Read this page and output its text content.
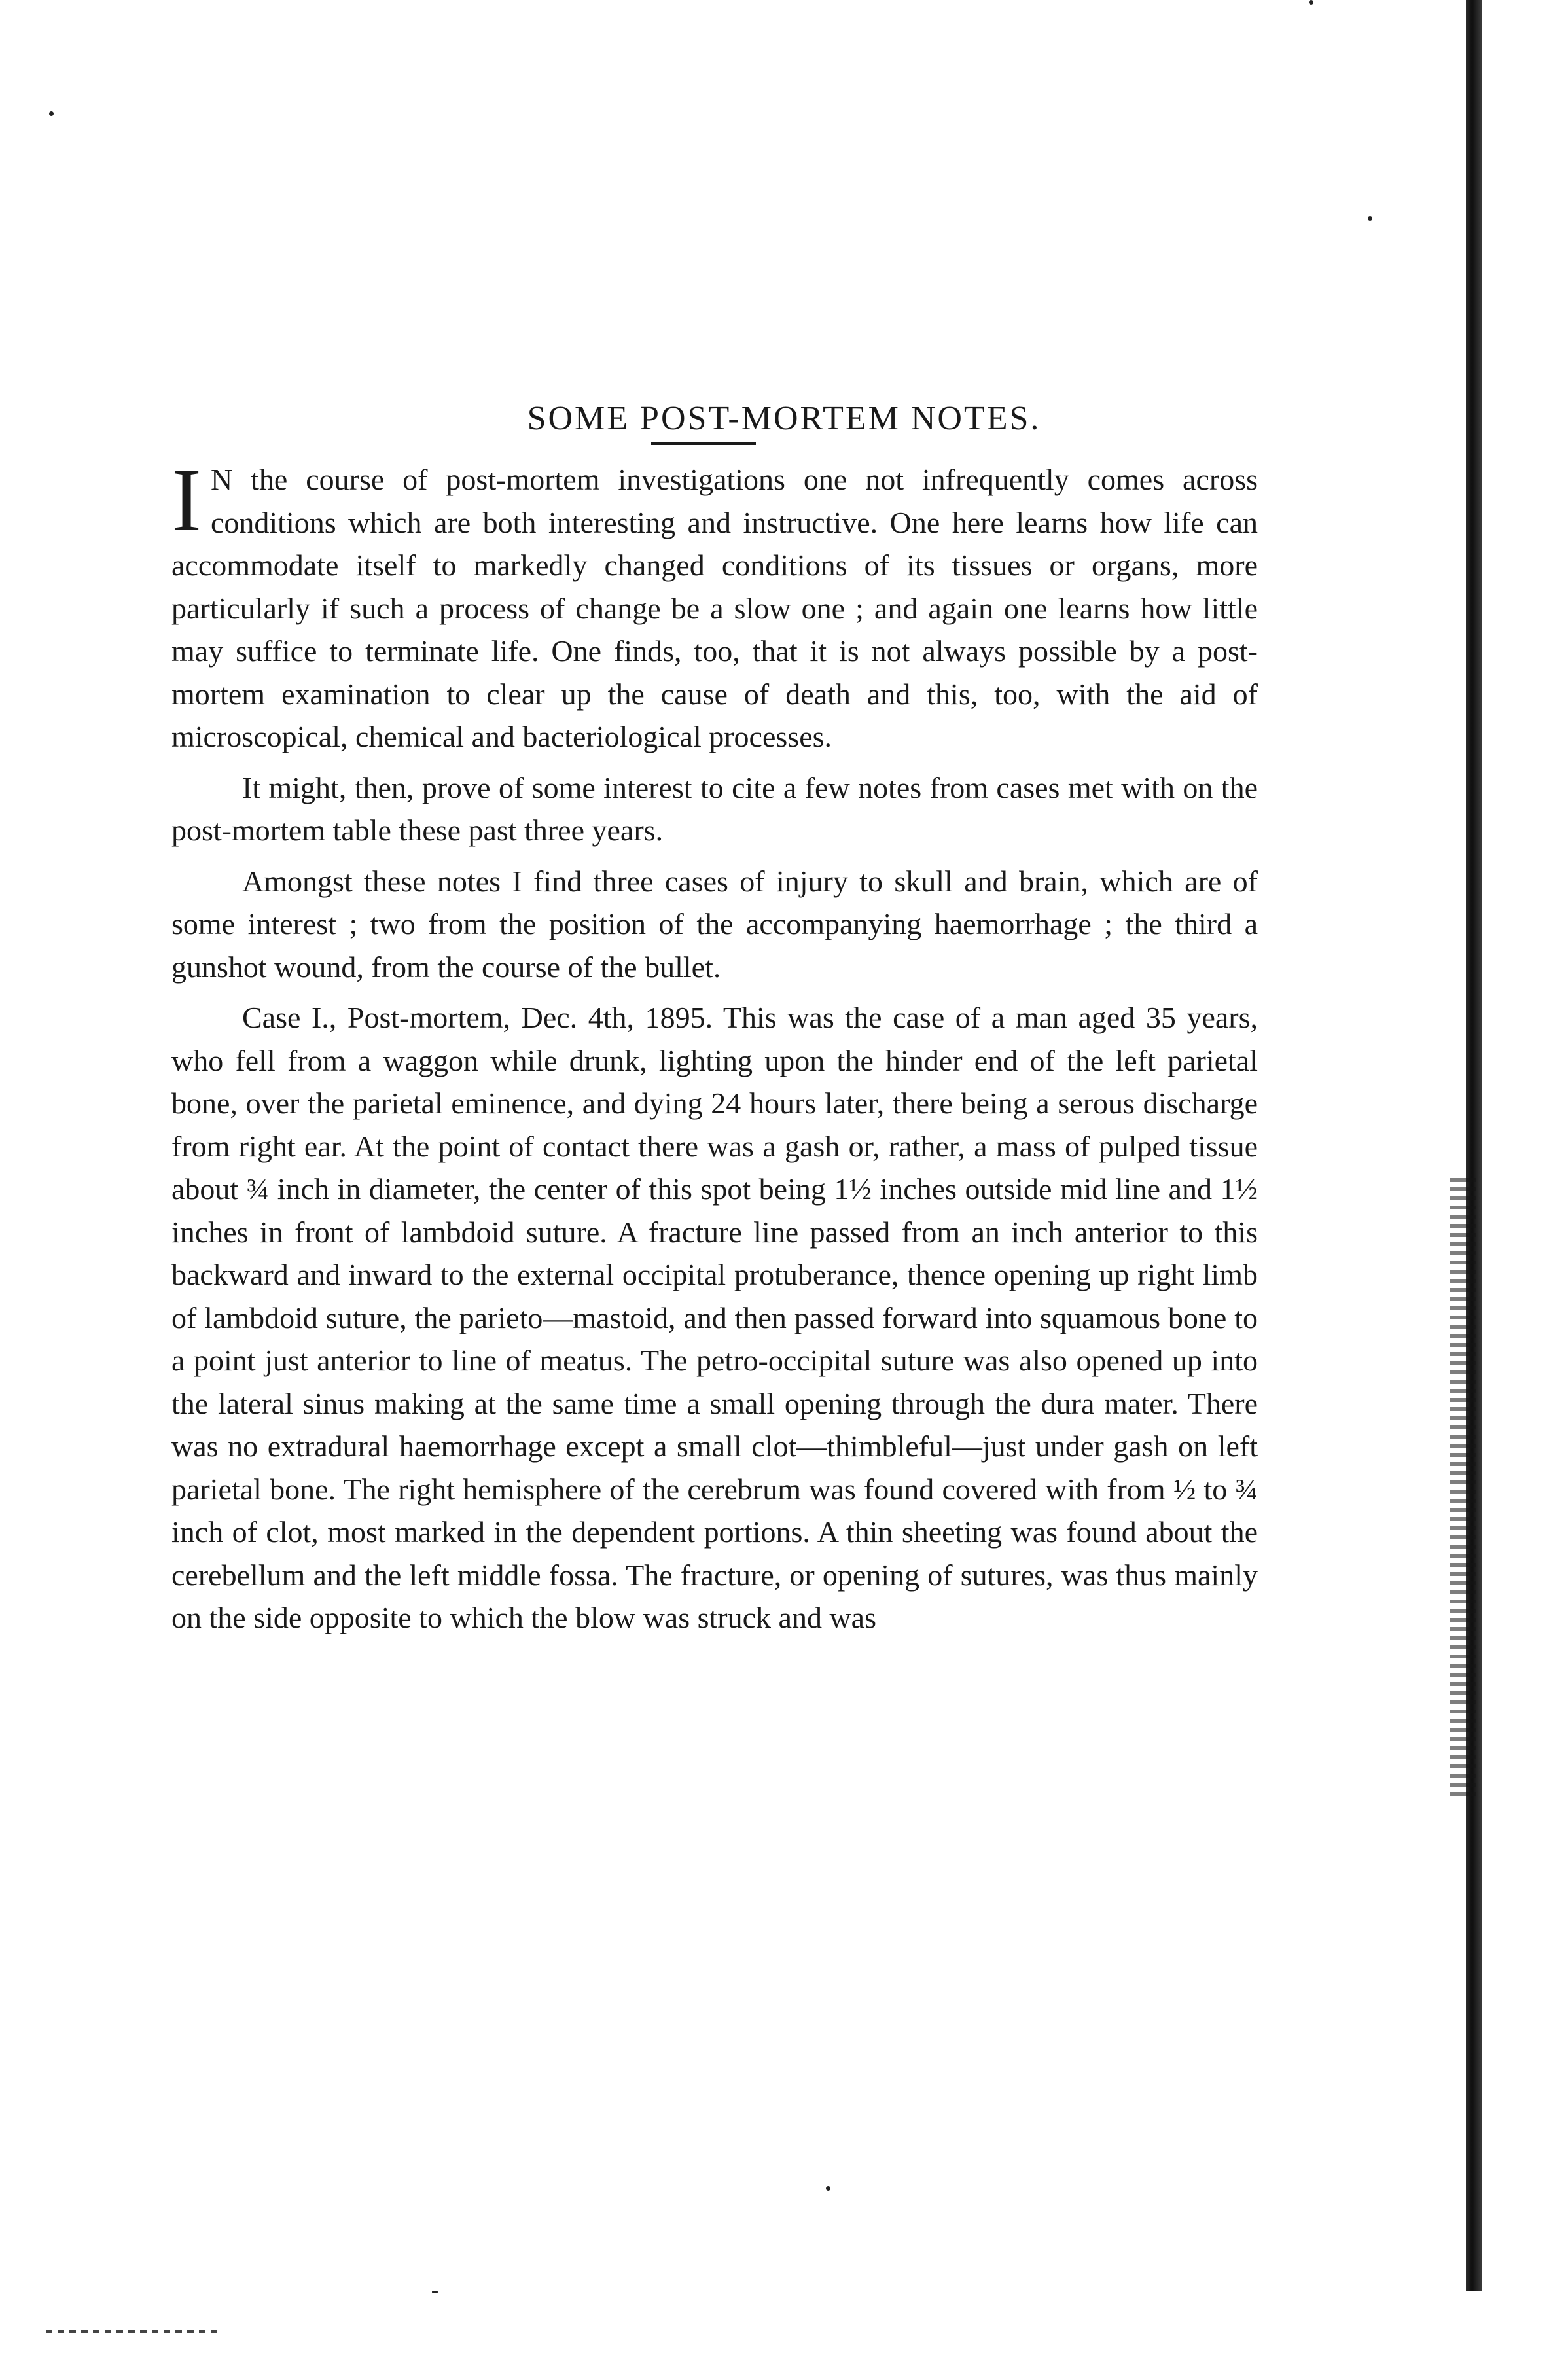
SOME POST-MORTEM NOTES.

I N the course of post-mortem investigations one not infrequently comes across conditions which are both interesting and instructive. One here learns how life can accommodate itself to markedly changed conditions of its tissues or organs, more particularly if such a process of change be a slow one ; and again one learns how little may suffice to terminate life. One finds, too, that it is not always possible by a post-mortem examination to clear up the cause of death and this, too, with the aid of microscopical, chemical and bacteriological processes.

It might, then, prove of some interest to cite a few notes from cases met with on the post-mortem table these past three years.

Amongst these notes I find three cases of injury to skull and brain, which are of some interest ; two from the position of the accompanying haemorrhage ; the third a gunshot wound, from the course of the bullet.

Case I., Post-mortem, Dec. 4th, 1895. This was the case of a man aged 35 years, who fell from a waggon while drunk, lighting upon the hinder end of the left parietal bone, over the parietal eminence, and dying 24 hours later, there being a serous discharge from right ear. At the point of contact there was a gash or, rather, a mass of pulped tissue about ¾ inch in diameter, the center of this spot being 1½ inches outside mid line and 1½ inches in front of lambdoid suture. A fracture line passed from an inch anterior to this backward and inward to the external occipital protuberance, thence opening up right limb of lambdoid suture, the parieto—mastoid, and then passed forward into squamous bone to a point just anterior to line of meatus. The petro-occipital suture was also opened up into the lateral sinus making at the same time a small opening through the dura mater. There was no extradural haemorrhage except a small clot—thimbleful—just under gash on left parietal bone. The right hemisphere of the cerebrum was found covered with from ½ to ¾ inch of clot, most marked in the dependent portions. A thin sheeting was found about the cerebellum and the left middle fossa. The fracture, or opening of sutures, was thus mainly on the side opposite to which the blow was struck and was
